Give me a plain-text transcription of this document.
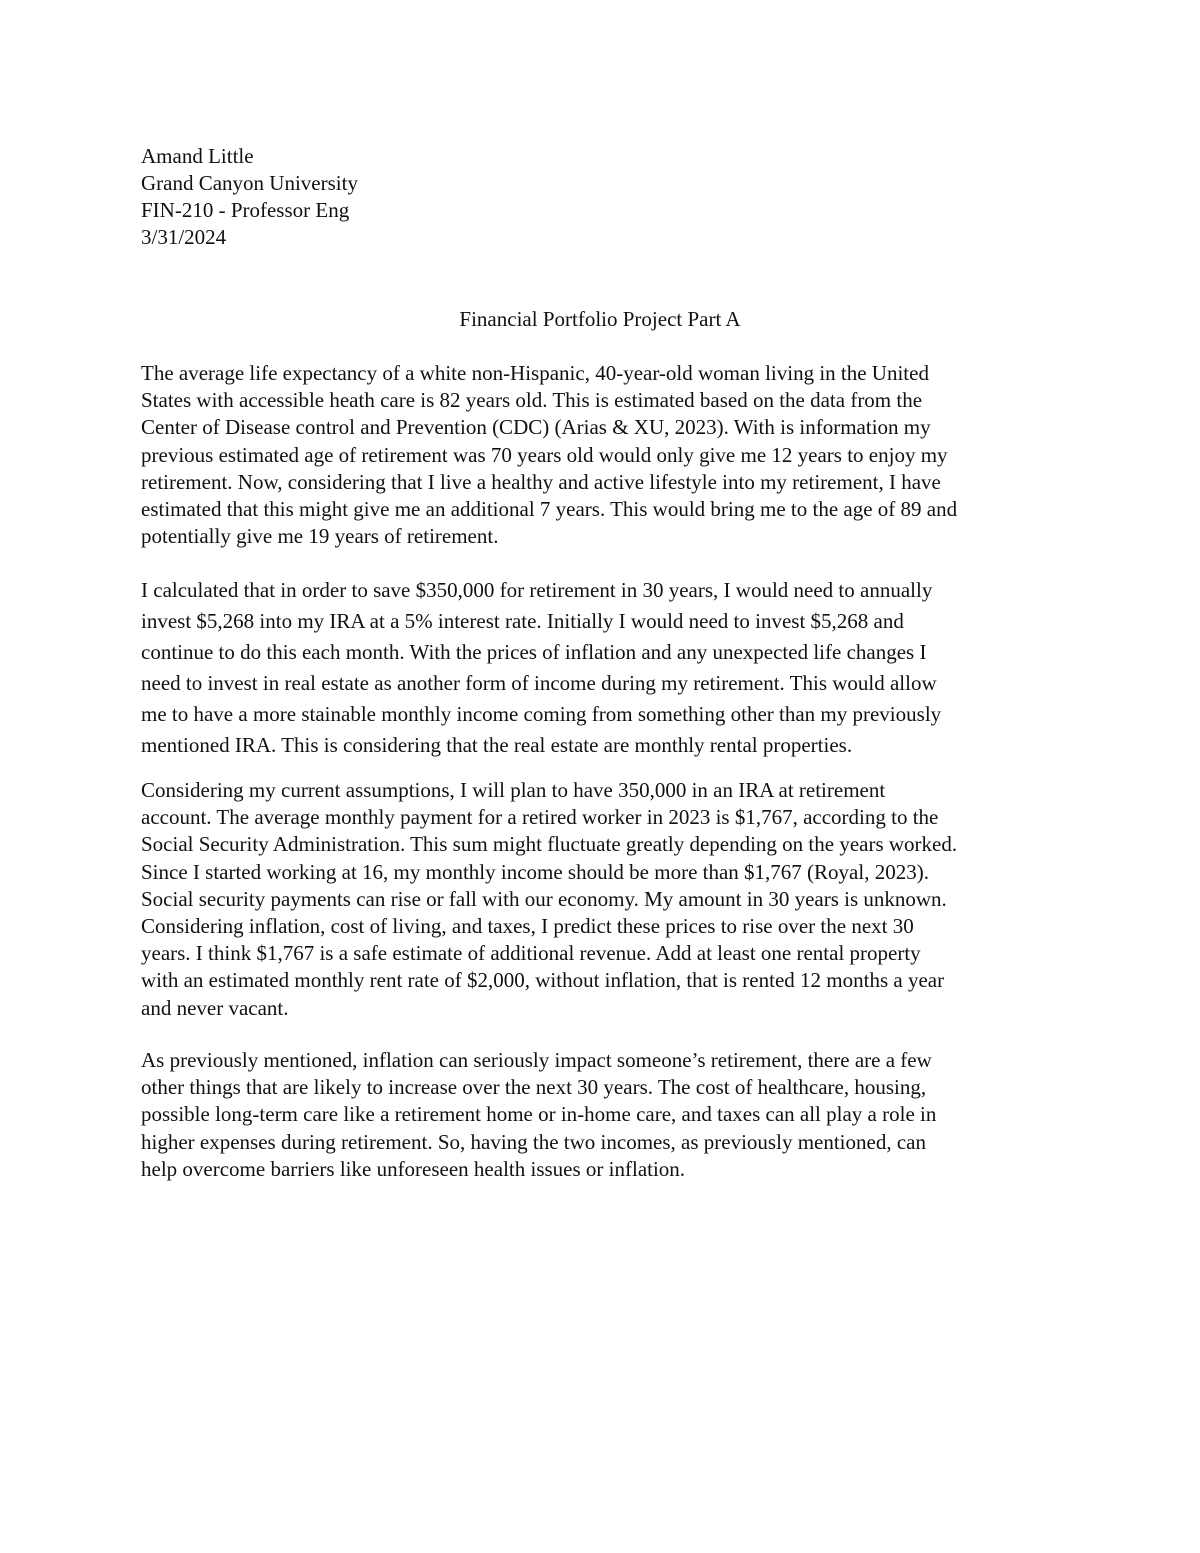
Amand Little
Grand Canyon University
FIN-210 - Professor Eng
3/31/2024
Financial Portfolio Project Part A
The average life expectancy of a white non-Hispanic, 40-year-old woman living in the United
States with accessible heath care is 82 years old. This is estimated based on the data from the
Center of Disease control and Prevention (CDC) (Arias & XU, 2023). With is information my
previous estimated age of retirement was 70 years old would only give me 12 years to enjoy my
retirement. Now, considering that I live a healthy and active lifestyle into my retirement, I have
estimated that this might give me an additional 7 years. This would bring me to the age of 89 and
potentially give me 19 years of retirement.
I calculated that in order to save $350,000 for retirement in 30 years, I would need to annually
invest $5,268 into my IRA at a 5% interest rate. Initially I would need to invest $5,268 and
continue to do this each month. With the prices of inflation and any unexpected life changes I
need to invest in real estate as another form of income during my retirement. This would allow
me to have a more stainable monthly income coming from something other than my previously
mentioned IRA. This is considering that the real estate are monthly rental properties.
Considering my current assumptions, I will plan to have 350,000 in an IRA at retirement
account. The average monthly payment for a retired worker in 2023 is $1,767, according to the
Social Security Administration. This sum might fluctuate greatly depending on the years worked.
Since I started working at 16, my monthly income should be more than $1,767 (Royal, 2023).
Social security payments can rise or fall with our economy. My amount in 30 years is unknown.
Considering inflation, cost of living, and taxes, I predict these prices to rise over the next 30
years. I think $1,767 is a safe estimate of additional revenue. Add at least one rental property
with an estimated monthly rent rate of $2,000, without inflation, that is rented 12 months a year
and never vacant.
As previously mentioned, inflation can seriously impact someone’s retirement, there are a few
other things that are likely to increase over the next 30 years. The cost of healthcare, housing,
possible long-term care like a retirement home or in-home care, and taxes can all play a role in
higher expenses during retirement. So, having the two incomes, as previously mentioned, can
help overcome barriers like unforeseen health issues or inflation.
